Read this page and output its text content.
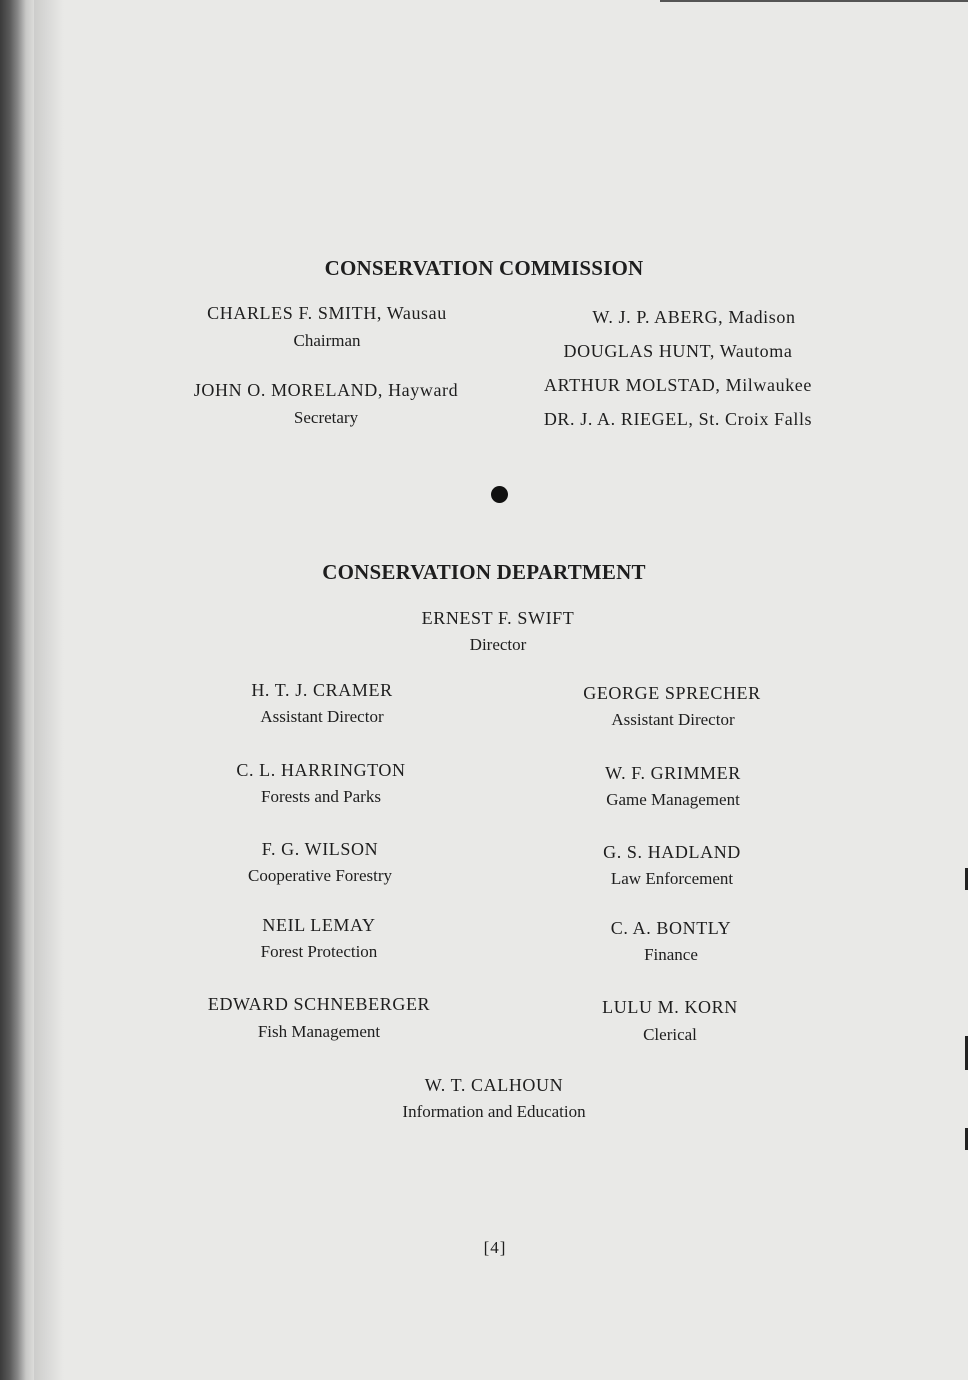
CONSERVATION COMMISSION
CHARLES F. SMITH, Wausau
Chairman
JOHN O. MORELAND, Hayward
Secretary
W. J. P. ABERG, Madison
DOUGLAS HUNT, Wautoma
ARTHUR MOLSTAD, Milwaukee
DR. J. A. RIEGEL, St. Croix Falls
CONSERVATION DEPARTMENT
ERNEST F. SWIFT
Director
H. T. J. CRAMER
Assistant Director
C. L. HARRINGTON
Forests and Parks
F. G. WILSON
Cooperative Forestry
NEIL LEMAY
Forest Protection
EDWARD SCHNEBERGER
Fish Management
GEORGE SPRECHER
Assistant Director
W. F. GRIMMER
Game Management
G. S. HADLAND
Law Enforcement
C. A. BONTLY
Finance
LULU M. KORN
Clerical
W. T. CALHOUN
Information and Education
[4]
